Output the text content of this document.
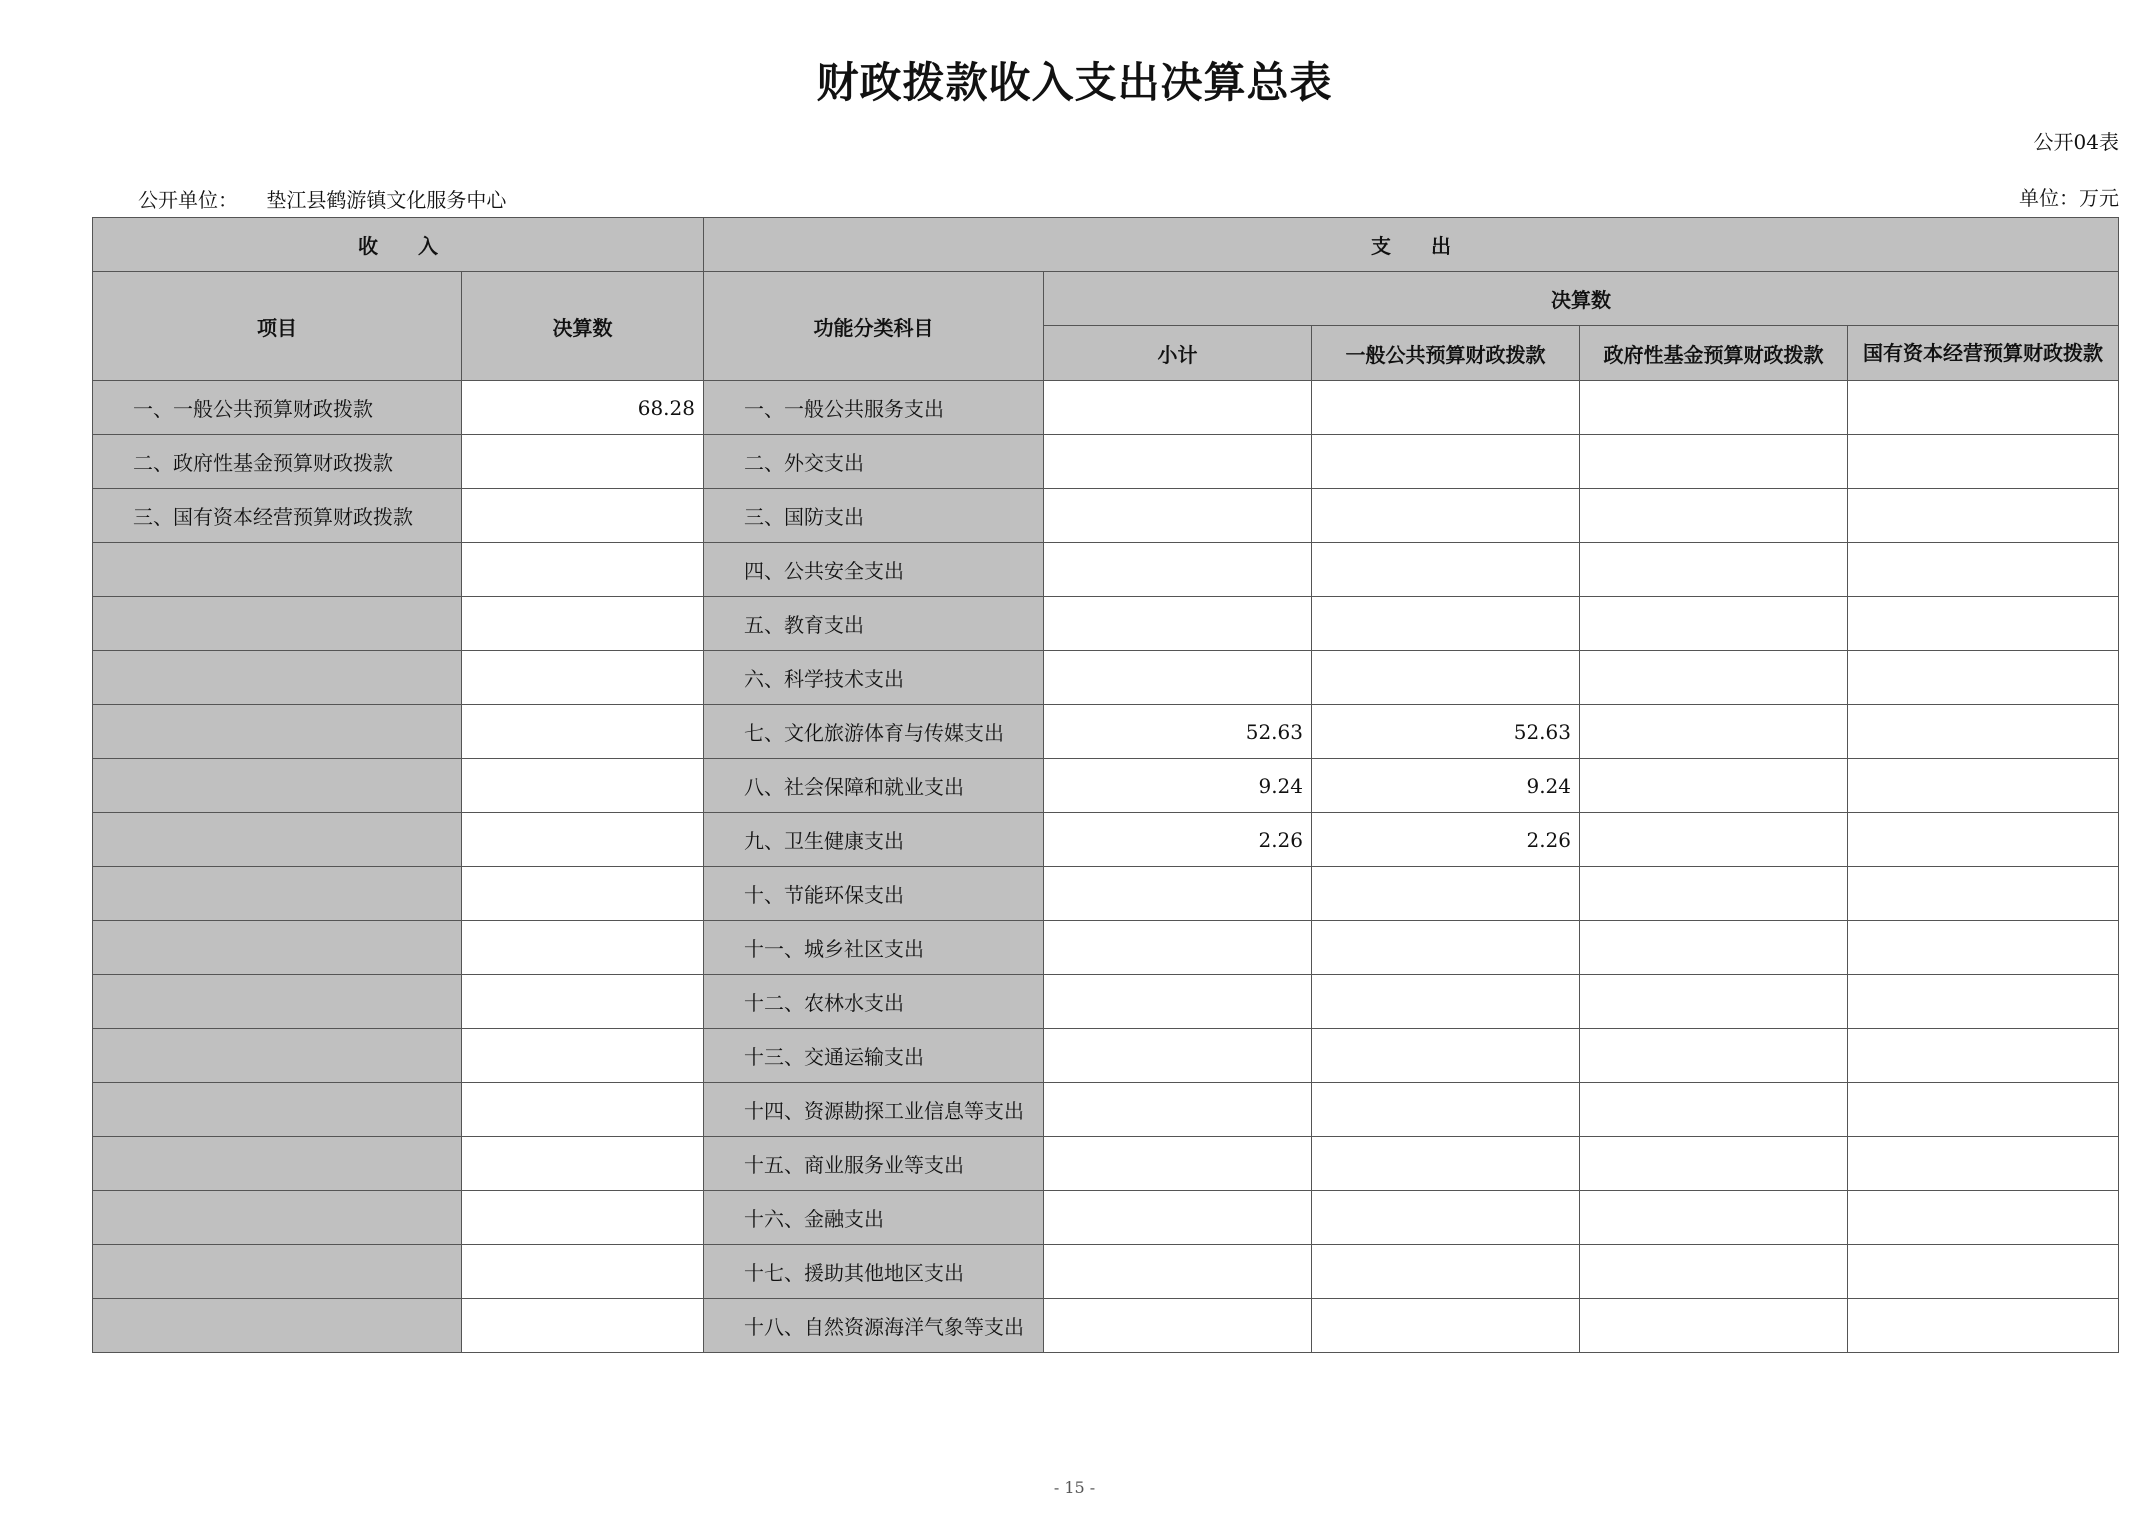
财政拨款收入支出决算总表
公开04表
公开单位： 垫江县鹤游镇文化服务中心	单位：万元
收　　入		支　　出				
项目	决算数	功能分类科目	决算数			
			小计	一般公共预算财政拨款	政府性基金预算财政拨款	国有资本经营预算财政拨款

一、一般公共预算财政拨款	68.28	一、一般公共服务支出				
二、政府性基金预算财政拨款		二、外交支出				
三、国有资本经营预算财政拨款		三、国防支出				
		四、公共安全支出				
		五、教育支出				
		六、科学技术支出				
		七、文化旅游体育与传媒支出	52.63	52.63		
		八、社会保障和就业支出	9.24	9.24		
		九、卫生健康支出	2.26	2.26		
		十、节能环保支出				
		十一、城乡社区支出				
		十二、农林水支出				
		十三、交通运输支出				
		十四、资源勘探工业信息等支出				
		十五、商业服务业等支出				
		十六、金融支出				
		十七、援助其他地区支出				
		十八、自然资源海洋气象等支出				
- 15 -
